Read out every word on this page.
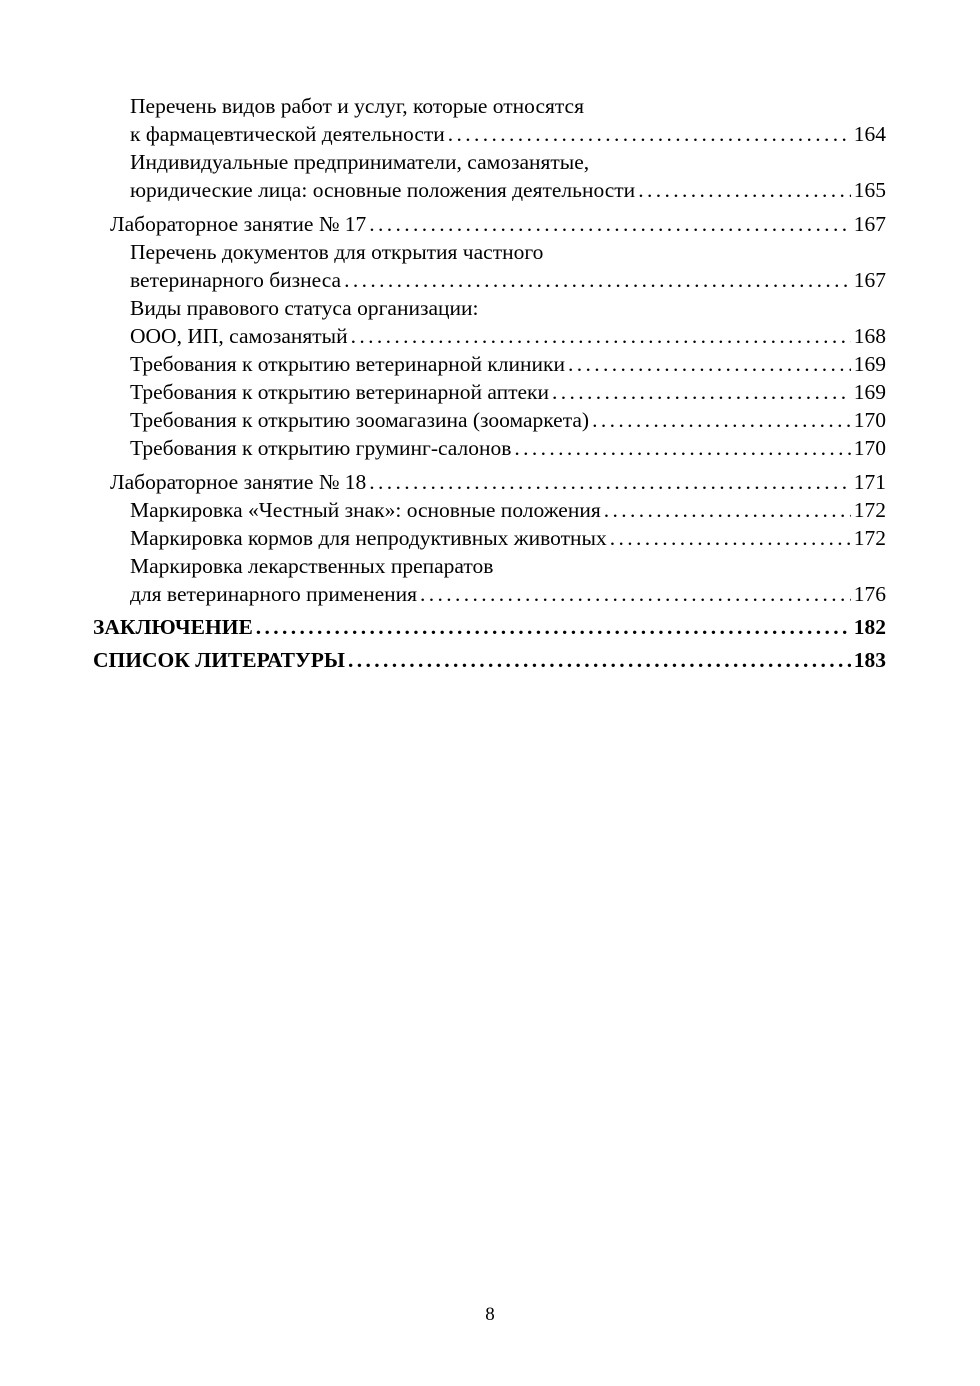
Перечень видов работ и услуг, которые относятся
к фармацевтической деятельности . . .	164
Индивидуальные предприниматели, самозанятые,
юридические лица: основные положения деятельности . . .	165
Лабораторное занятие № 17 . . .	167
Перечень документов для открытия частного
ветеринарного бизнеса . . .	167
Виды правового статуса организации:
ООО, ИП, самозанятый . . .	168
Требования к открытию ветеринарной клиники . . .	169
Требования к открытию ветеринарной аптеки . . .	169
Требования к открытию зоомагазина (зоомаркета) . . .	170
Требования к открытию груминг-салонов . . .	170
Лабораторное занятие № 18 . . .	171
Маркировка «Честный знак»: основные положения . . .	172
Маркировка кормов для непродуктивных животных . . .	172
Маркировка лекарственных препаратов
для ветеринарного применения . . .	176
ЗАКЛЮЧЕНИЕ . . .	182
СПИСОК ЛИТЕРАТУРЫ . . .	183
8
